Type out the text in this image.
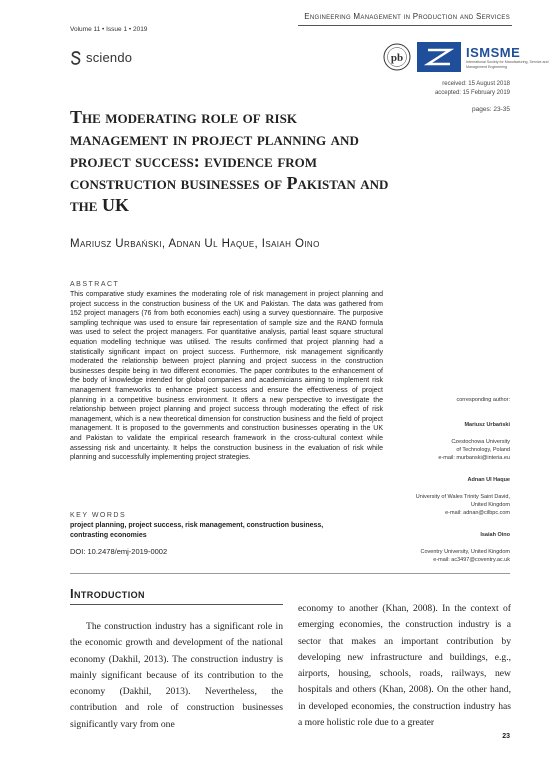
Engineering Management in Production and Services
Volume 11 • Issue 1 • 2019
sciendo	pb	ISMSME
International Society for Manufacturing, Service and Management Engineering
received: 15 August 2018
accepted: 15 February 2019
pages: 23-35
The moderating role of risk management in project planning and project success: evidence from construction businesses of Pakistan and the UK
Mariusz Urbański, Adnan Ul Haque, Isaiah Oino
ABSTRACT

This comparative study examines the moderating role of risk management in project planning and project success in the construction business of the UK and Pakistan. The data was gathered from 152 project managers (76 from both economies each) using a survey questionnaire. The purposive sampling technique was used to ensure fair representation of sample size and the RAND formula was used to select the project managers. For quantitative analysis, partial least square structural equation modelling technique was utilised. The results confirmed that project planning had a statistically significant impact on project success. Furthermore, risk management significantly moderated the relationship between project planning and project success in the construction businesses despite being in two different economies. The paper contributes to the enhancement of the body of knowledge intended for global companies and academicians aiming to implement risk management frameworks to enhance project success and ensure the effectiveness of project planning in a competitive business environment. It offers a new perspective to investigate the relationship between project planning and project success through moderating the effect of risk management, which is a new theoretical dimension for construction business and the field of project management. It is proposed to the governments and construction businesses operating in the UK and Pakistan to validate the empirical research framework in the cross-cultural context while assessing risk and uncertainty. It helps the construction business in the evaluation of risk while planning and successfully implementing project strategies.

KEY WORDS

project planning, project success, risk management, construction business, contrasting economies

DOI: 10.2478/emj-2019-0002
corresponding author:
Mariusz Urbański
Czestochowa University
of Technology, Poland
e-mail: murbanski@interia.eu
Adnan Ul Haque
University of Wales Trinity Saint David,
United Kingdom
e-mail: adnan@cilbpc.com
Isaiah Oino
Coventry University, United Kingdom
e-mail: ac3497@coventry.ac.uk
Introduction

The construction industry has a significant role in the economic growth and development of the national economy (Dakhil, 2013). The construction industry is mainly significant because of its contribution to the economy (Dakhil, 2013). Nevertheless, the contribution and role of construction businesses significantly vary from one

economy to another (Khan, 2008). In the context of emerging economies, the construction industry is a sector that makes an important contribution by developing new infrastructure and buildings, e.g., airports, housing, schools, roads, railways, new hospitals and others (Khan, 2008). On the other hand, in developed economies, the construction industry has a more holistic role due to a greater

23
